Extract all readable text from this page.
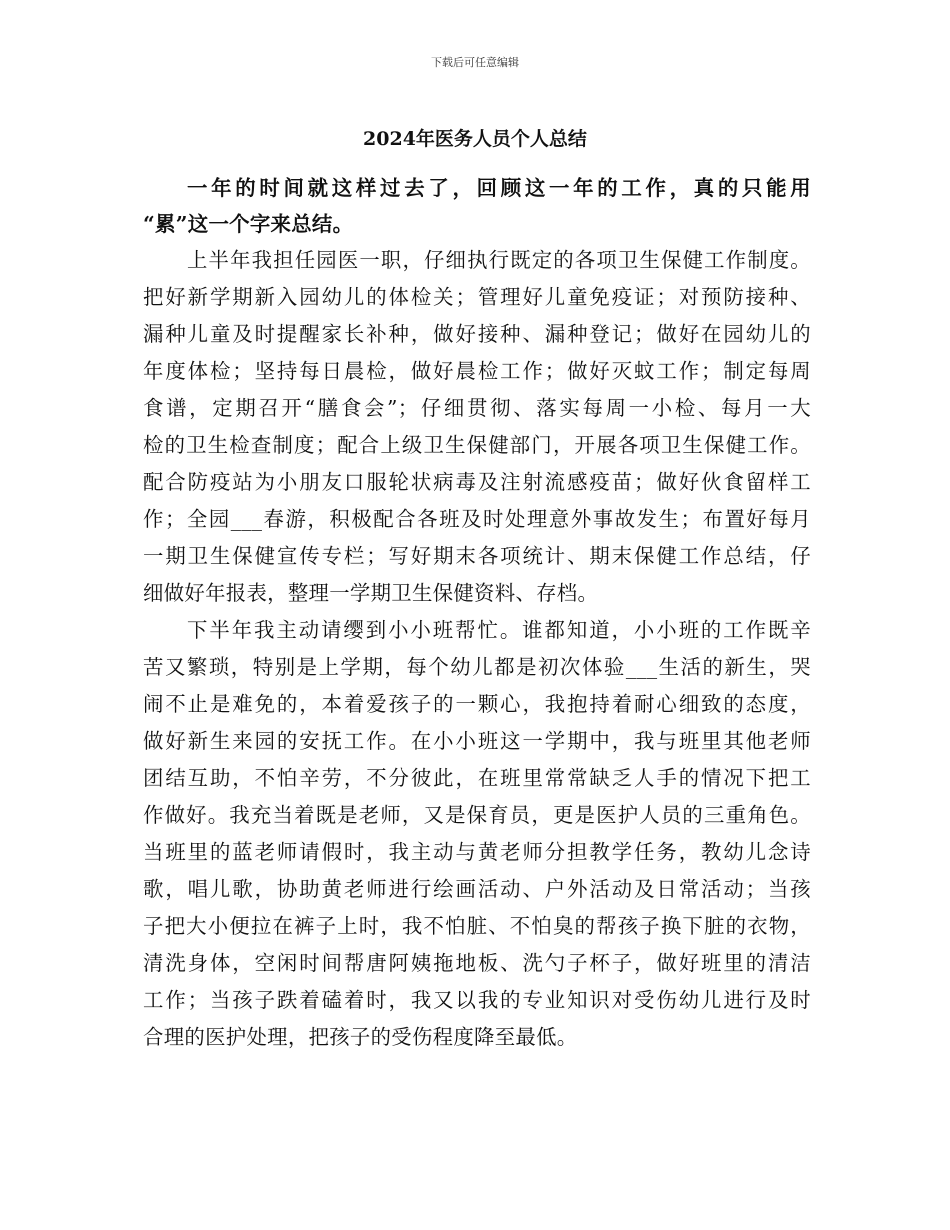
下载后可任意编辑
2024年医务人员个人总结
一年的时间就这样过去了，回顾这一年的工作，真的只能用
“累”这一个字来总结。
上半年我担任园医一职，仔细执行既定的各项卫生保健工作制度。
把好新学期新入园幼儿的体检关；管理好儿童免疫证；对预防接种、
漏种儿童及时提醒家长补种，做好接种、漏种登记；做好在园幼儿的
年度体检；坚持每日晨检，做好晨检工作；做好灭蚊工作；制定每周
食谱，定期召开“膳食会”；仔细贯彻、落实每周一小检、每月一大
检的卫生检查制度；配合上级卫生保健部门，开展各项卫生保健工作。
配合防疫站为小朋友口服轮状病毒及注射流感疫苗；做好伙食留样工
作；全园___春游，积极配合各班及时处理意外事故发生；布置好每月
一期卫生保健宣传专栏；写好期末各项统计、期末保健工作总结，仔
细做好年报表，整理一学期卫生保健资料、存档。
下半年我主动请缨到小小班帮忙。谁都知道，小小班的工作既辛
苦又繁琐，特别是上学期，每个幼儿都是初次体验___生活的新生，哭
闹不止是难免的，本着爱孩子的一颗心，我抱持着耐心细致的态度，
做好新生来园的安抚工作。在小小班这一学期中，我与班里其他老师
团结互助，不怕辛劳，不分彼此，在班里常常缺乏人手的情况下把工
作做好。我充当着既是老师，又是保育员，更是医护人员的三重角色。
当班里的蓝老师请假时，我主动与黄老师分担教学任务，教幼儿念诗
歌，唱儿歌，协助黄老师进行绘画活动、户外活动及日常活动；当孩
子把大小便拉在裤子上时，我不怕脏、不怕臭的帮孩子换下脏的衣物，
清洗身体，空闲时间帮唐阿姨拖地板、洗勺子杯子，做好班里的清洁
工作；当孩子跌着磕着时，我又以我的专业知识对受伤幼儿进行及时
合理的医护处理，把孩子的受伤程度降至最低。
